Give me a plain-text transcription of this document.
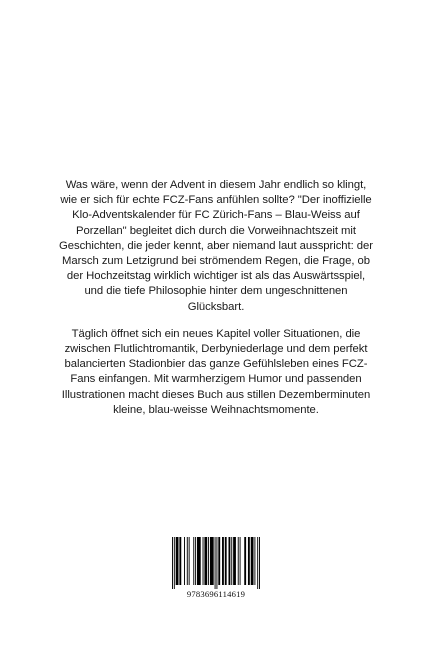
Was wäre, wenn der Advent in diesem Jahr endlich so klingt, wie er sich für echte FCZ-Fans anfühlen sollte? "Der inoffizielle Klo-Adventskalender für FC Zürich-Fans – Blau-Weiss auf Porzellan" begleitet dich durch die Vorweihnachtszeit mit Geschichten, die jeder kennt, aber niemand laut ausspricht: der Marsch zum Letzigrund bei strömendem Regen, die Frage, ob der Hochzeitstag wirklich wichtiger ist als das Auswärtsspiel, und die tiefe Philosophie hinter dem ungeschnittenen Glücksbart.

Täglich öffnet sich ein neues Kapitel voller Situationen, die zwischen Flutlichtromantik, Derbyniederlage und dem perfekt balancierten Stadionbier das ganze Gefühlsleben eines FCZ-Fans einfangen. Mit warmherzigem Humor und passenden Illustrationen macht dieses Buch aus stillen Dezemberminuten kleine, blau-weisse Weihnachtsmomente.

9783696114619
